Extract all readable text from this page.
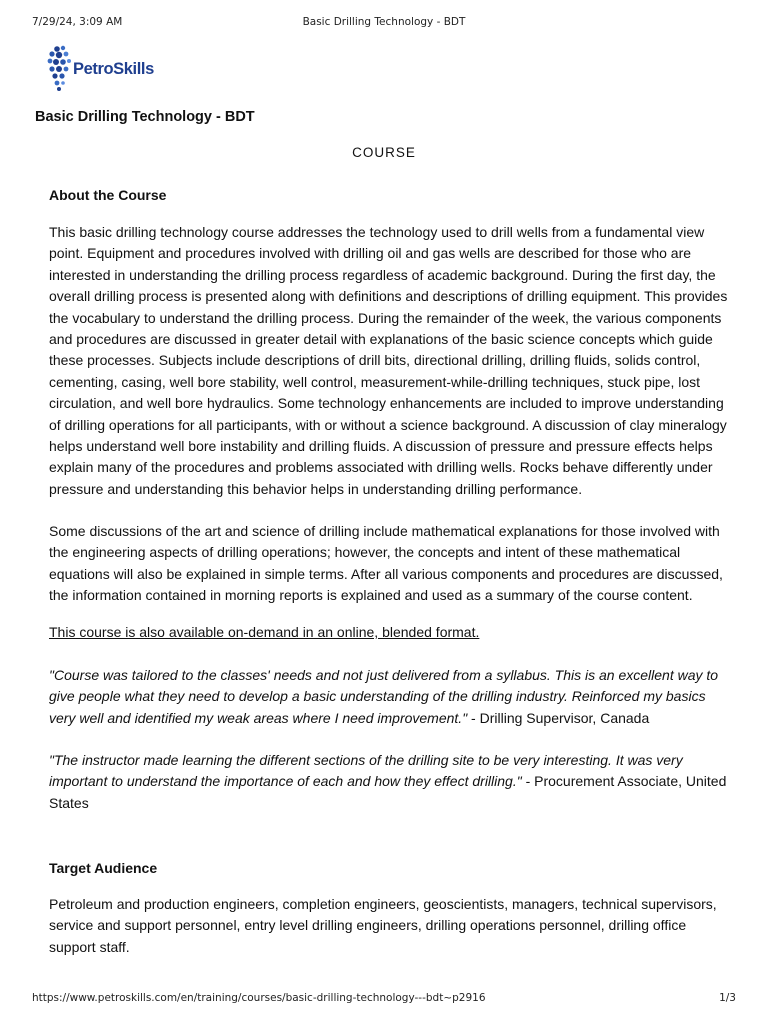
7/29/24, 3:09 AM	Basic Drilling Technology - BDT
PetroSkills
Basic Drilling Technology - BDT
COURSE
About the Course

This basic drilling technology course addresses the technology used to drill wells from a fundamental view point. Equipment and procedures involved with drilling oil and gas wells are described for those who are interested in understanding the drilling process regardless of academic background. During the first day, the overall drilling process is presented along with definitions and descriptions of drilling equipment. This provides the vocabulary to understand the drilling process. During the remainder of the week, the various components and procedures are discussed in greater detail with explanations of the basic science concepts which guide these processes. Subjects include descriptions of drill bits, directional drilling, drilling fluids, solids control, cementing, casing, well bore stability, well control, measurement-while-drilling techniques, stuck pipe, lost circulation, and well bore hydraulics. Some technology enhancements are included to improve understanding of drilling operations for all participants, with or without a science background. A discussion of clay mineralogy helps understand well bore instability and drilling fluids. A discussion of pressure and pressure effects helps explain many of the procedures and problems associated with drilling wells. Rocks behave differently under pressure and understanding this behavior helps in understanding drilling performance.

Some discussions of the art and science of drilling include mathematical explanations for those involved with the engineering aspects of drilling operations; however, the concepts and intent of these mathematical equations will also be explained in simple terms. After all various components and procedures are discussed, the information contained in morning reports is explained and used as a summary of the course content.

This course is also available on-demand in an online, blended format.

"Course was tailored to the classes' needs and not just delivered from a syllabus. This is an excellent way to give people what they need to develop a basic understanding of the drilling industry. Reinforced my basics very well and identified my weak areas where I need improvement." - Drilling Supervisor, Canada

"The instructor made learning the different sections of the drilling site to be very interesting. It was very important to understand the importance of each and how they effect drilling." - Procurement Associate, United States

Target Audience

Petroleum and production engineers, completion engineers, geoscientists, managers, technical supervisors, service and support personnel, entry level drilling engineers, drilling operations personnel, drilling office support staff.

https://www.petroskills.com/en/training/courses/basic-drilling-technology---bdt~p2916	1/3
